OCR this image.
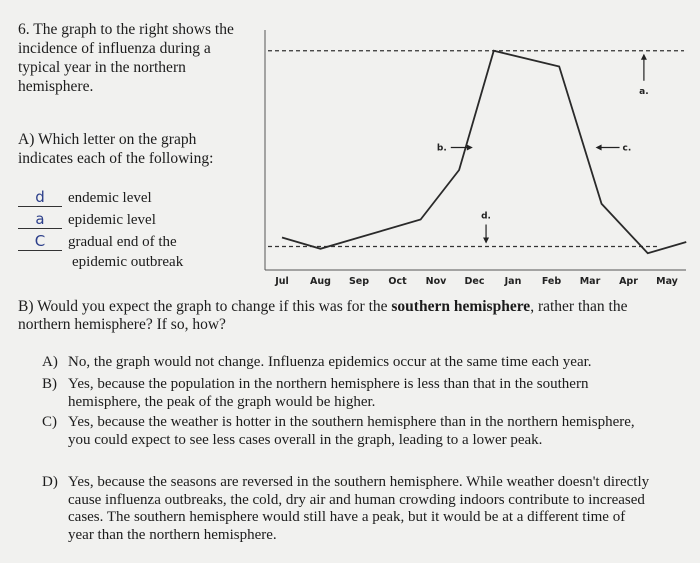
6. The graph to the right shows the incidence of influenza during a typical year in the northern hemisphere.

A) Which letter on the graph indicates each of the following:

d endemic level
a epidemic level
C gradual end of the
epidemic outbreak

B) Would you expect the graph to change if this was for the southern hemisphere, rather than the northern hemisphere? If so, how?

A) No, the graph would not change. Influenza epidemics occur at the same time each year.
B) Yes, because the population in the northern hemisphere is less than that in the southern hemisphere, the peak of the graph would be higher.
C) Yes, because the weather is hotter in the southern hemisphere than in the northern hemisphere, you could expect to see less cases overall in the graph, leading to a lower peak.
D) Yes, because the seasons are reversed in the southern hemisphere. While weather doesn't directly cause influenza outbreaks, the cold, dry air and human crowding indoors contribute to increased cases. The southern hemisphere would still have a peak, but it would be at a different time of year than the northern hemisphere.
Jul Aug Sep Oct Nov Dec Jan Feb Mar Apr May
a.
b.	c.
d.
